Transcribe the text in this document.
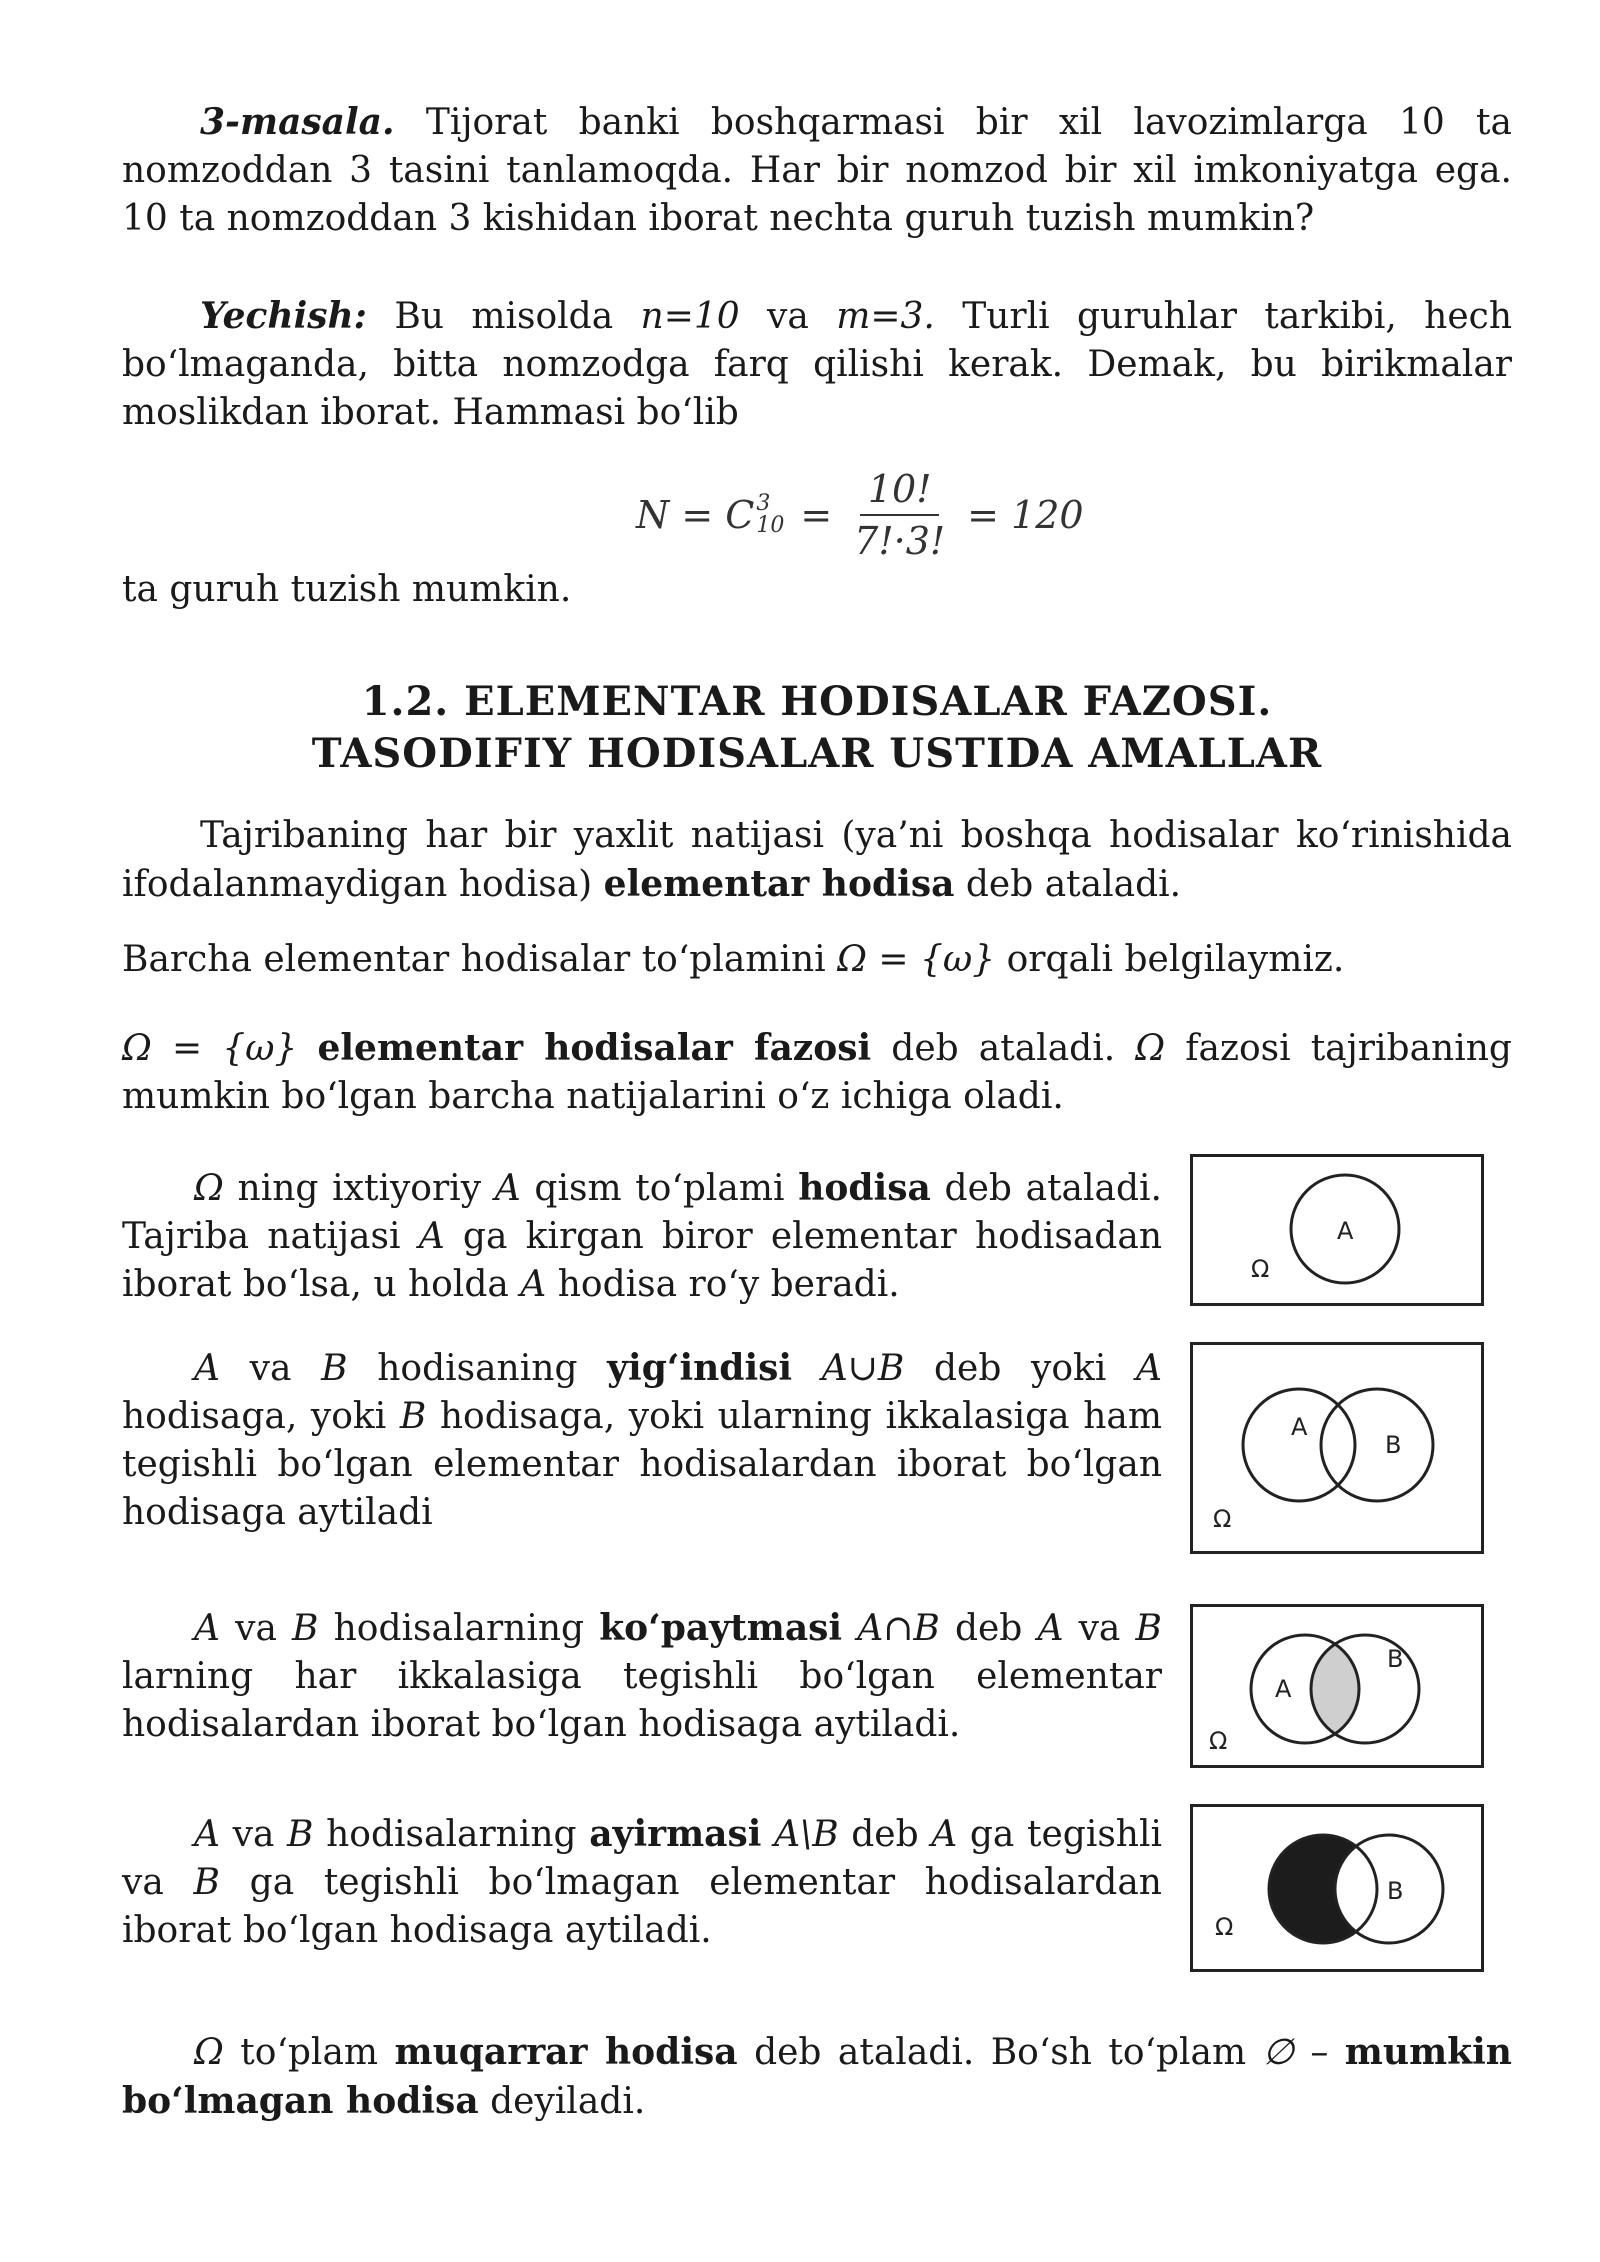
3-masala. Tijorat banki boshqarmasi bir xil lavozimlarga 10 ta nomzoddan 3 tasini tanlamoqda. Har bir nomzod bir xil imkoniyatga ega. 10 ta nomzoddan 3 kishidan iborat nechta guruh tuzish mumkin?

Yechish: Bu misolda n=10 va m=3. Turli guruhlar tarkibi, hech bo‘lmaganda, bitta nomzodga farq qilishi kerak. Demak, bu birikmalar moslikdan iborat. Hammasi bo‘lib

N = C 3
$10 = \frac{10!}{7!\cdot 3!} = 120$

ta guruh tuzish mumkin.

1.2. ELEMENTAR HODISALAR FAZOSI.
TASODIFIY HODISALAR USTIDA AMALLAR

Tajribaning har bir yaxlit natijasi (ya’ni boshqa hodisalar ko‘rinishida ifodalanmaydigan hodisa) elementar hodisa deb ataladi.

Barcha elementar hodisalar to‘plamini Ω = {ω} orqali belgilaymiz.

Ω = {ω} elementar hodisalar fazosi deb ataladi. Ω fazosi tajribaning mumkin bo‘lgan barcha natijalarini o‘z ichiga oladi.

Ω ning ixtiyoriy A qism to‘plami hodisa deb ataladi. Tajriba natijasi A ga kirgan biror elementar hodisadan iborat bo‘lsa, u holda A hodisa ro‘y beradi.

A
Ω

A va B hodisaning yig‘indisi A∪B deb yoki A hodisaga, yoki B hodisaga, yoki ularning ikkalasiga ham tegishli bo‘lgan elementar hodisalardan iborat bo‘lgan hodisaga aytiladi

A
B
Ω

A va B hodisalarning ko‘paytmasi A∩B deb A va B larning har ikkalasiga tegishli bo‘lgan elementar hodisalardan iborat bo‘lgan hodisaga aytiladi.

A
B
Ω

A va B hodisalarning ayirmasi A\B deb A ga tegishli va B ga tegishli bo‘lmagan elementar hodisalardan iborat bo‘lgan hodisaga aytiladi.

B
Ω

Ω to‘plam muqarrar hodisa deb ataladi. Bo‘sh to‘plam ∅ – mumkin bo‘lmagan hodisa deyiladi.
